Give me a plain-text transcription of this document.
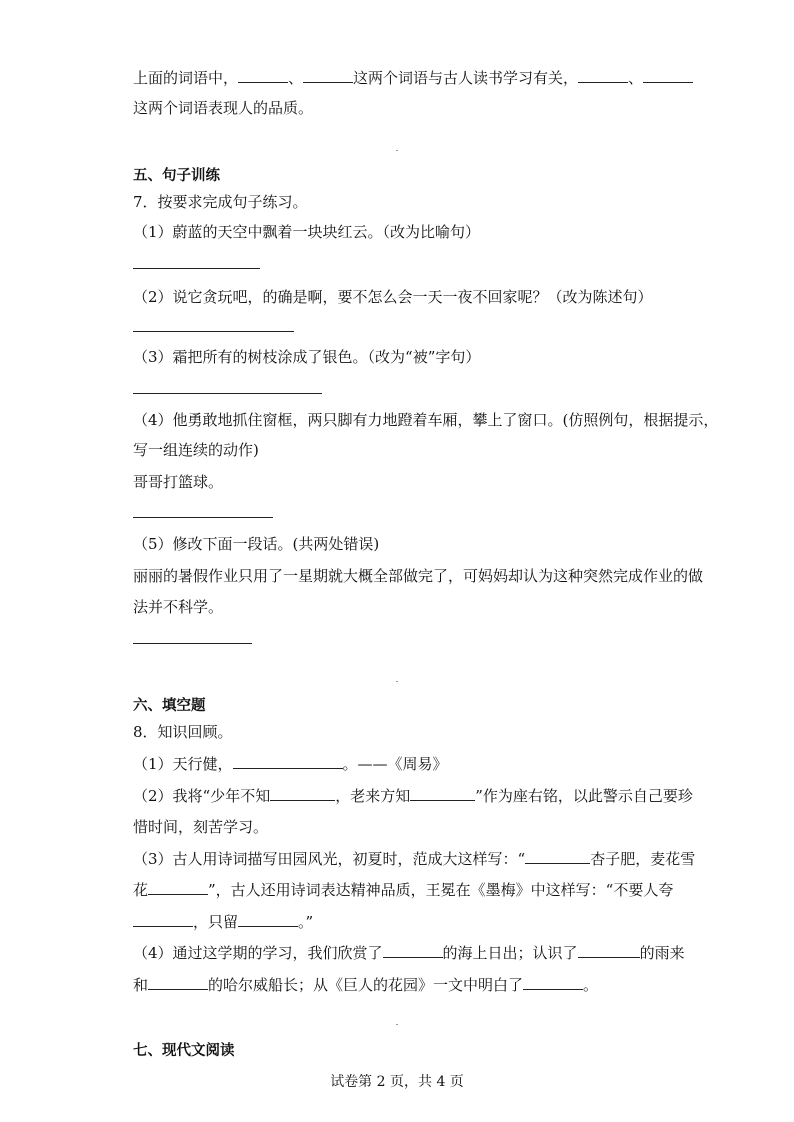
上面的词语中，	、	这两个词语与古人读书学习有关，	、
这两个词语表现人的品质。
五、句子训练
7．按要求完成句子练习。
（1）蔚蓝的天空中飘着一块块红云。（改为比喻句）
（2）说它贪玩吧，的确是啊，要不怎么会一天一夜不回家呢？（改为陈述句）
（3）霜把所有的树枝涂成了银色。（改为“被”字句）
（4）他勇敢地抓住窗框，两只脚有力地蹬着车厢，攀上了窗口。(仿照例句，根据提示，
写一组连续的动作)
哥哥打篮球。
（5）修改下面一段话。(共两处错误)
丽丽的暑假作业只用了一星期就大概全部做完了，可妈妈却认为这种突然完成作业的做
法并不科学。
六、填空题
8．知识回顾。
（1）天行健，	。——《周易》
（2）我将“少年不知	，老来方知	”作为座右铭，以此警示自己要珍
惜时间，刻苦学习。
（3）古人用诗词描写田园风光，初夏时，范成大这样写：“	杏子肥，麦花雪
花	”，古人还用诗词表达精神品质，王冕在《墨梅》中这样写：“不要人夸
，只留	。”
（4）通过这学期的学习，我们欣赏了	的海上日出；认识了	的雨来
和	的哈尔威船长；从《巨人的花园》一文中明白了	。
七、现代文阅读
试卷第 2 页，共 4 页
